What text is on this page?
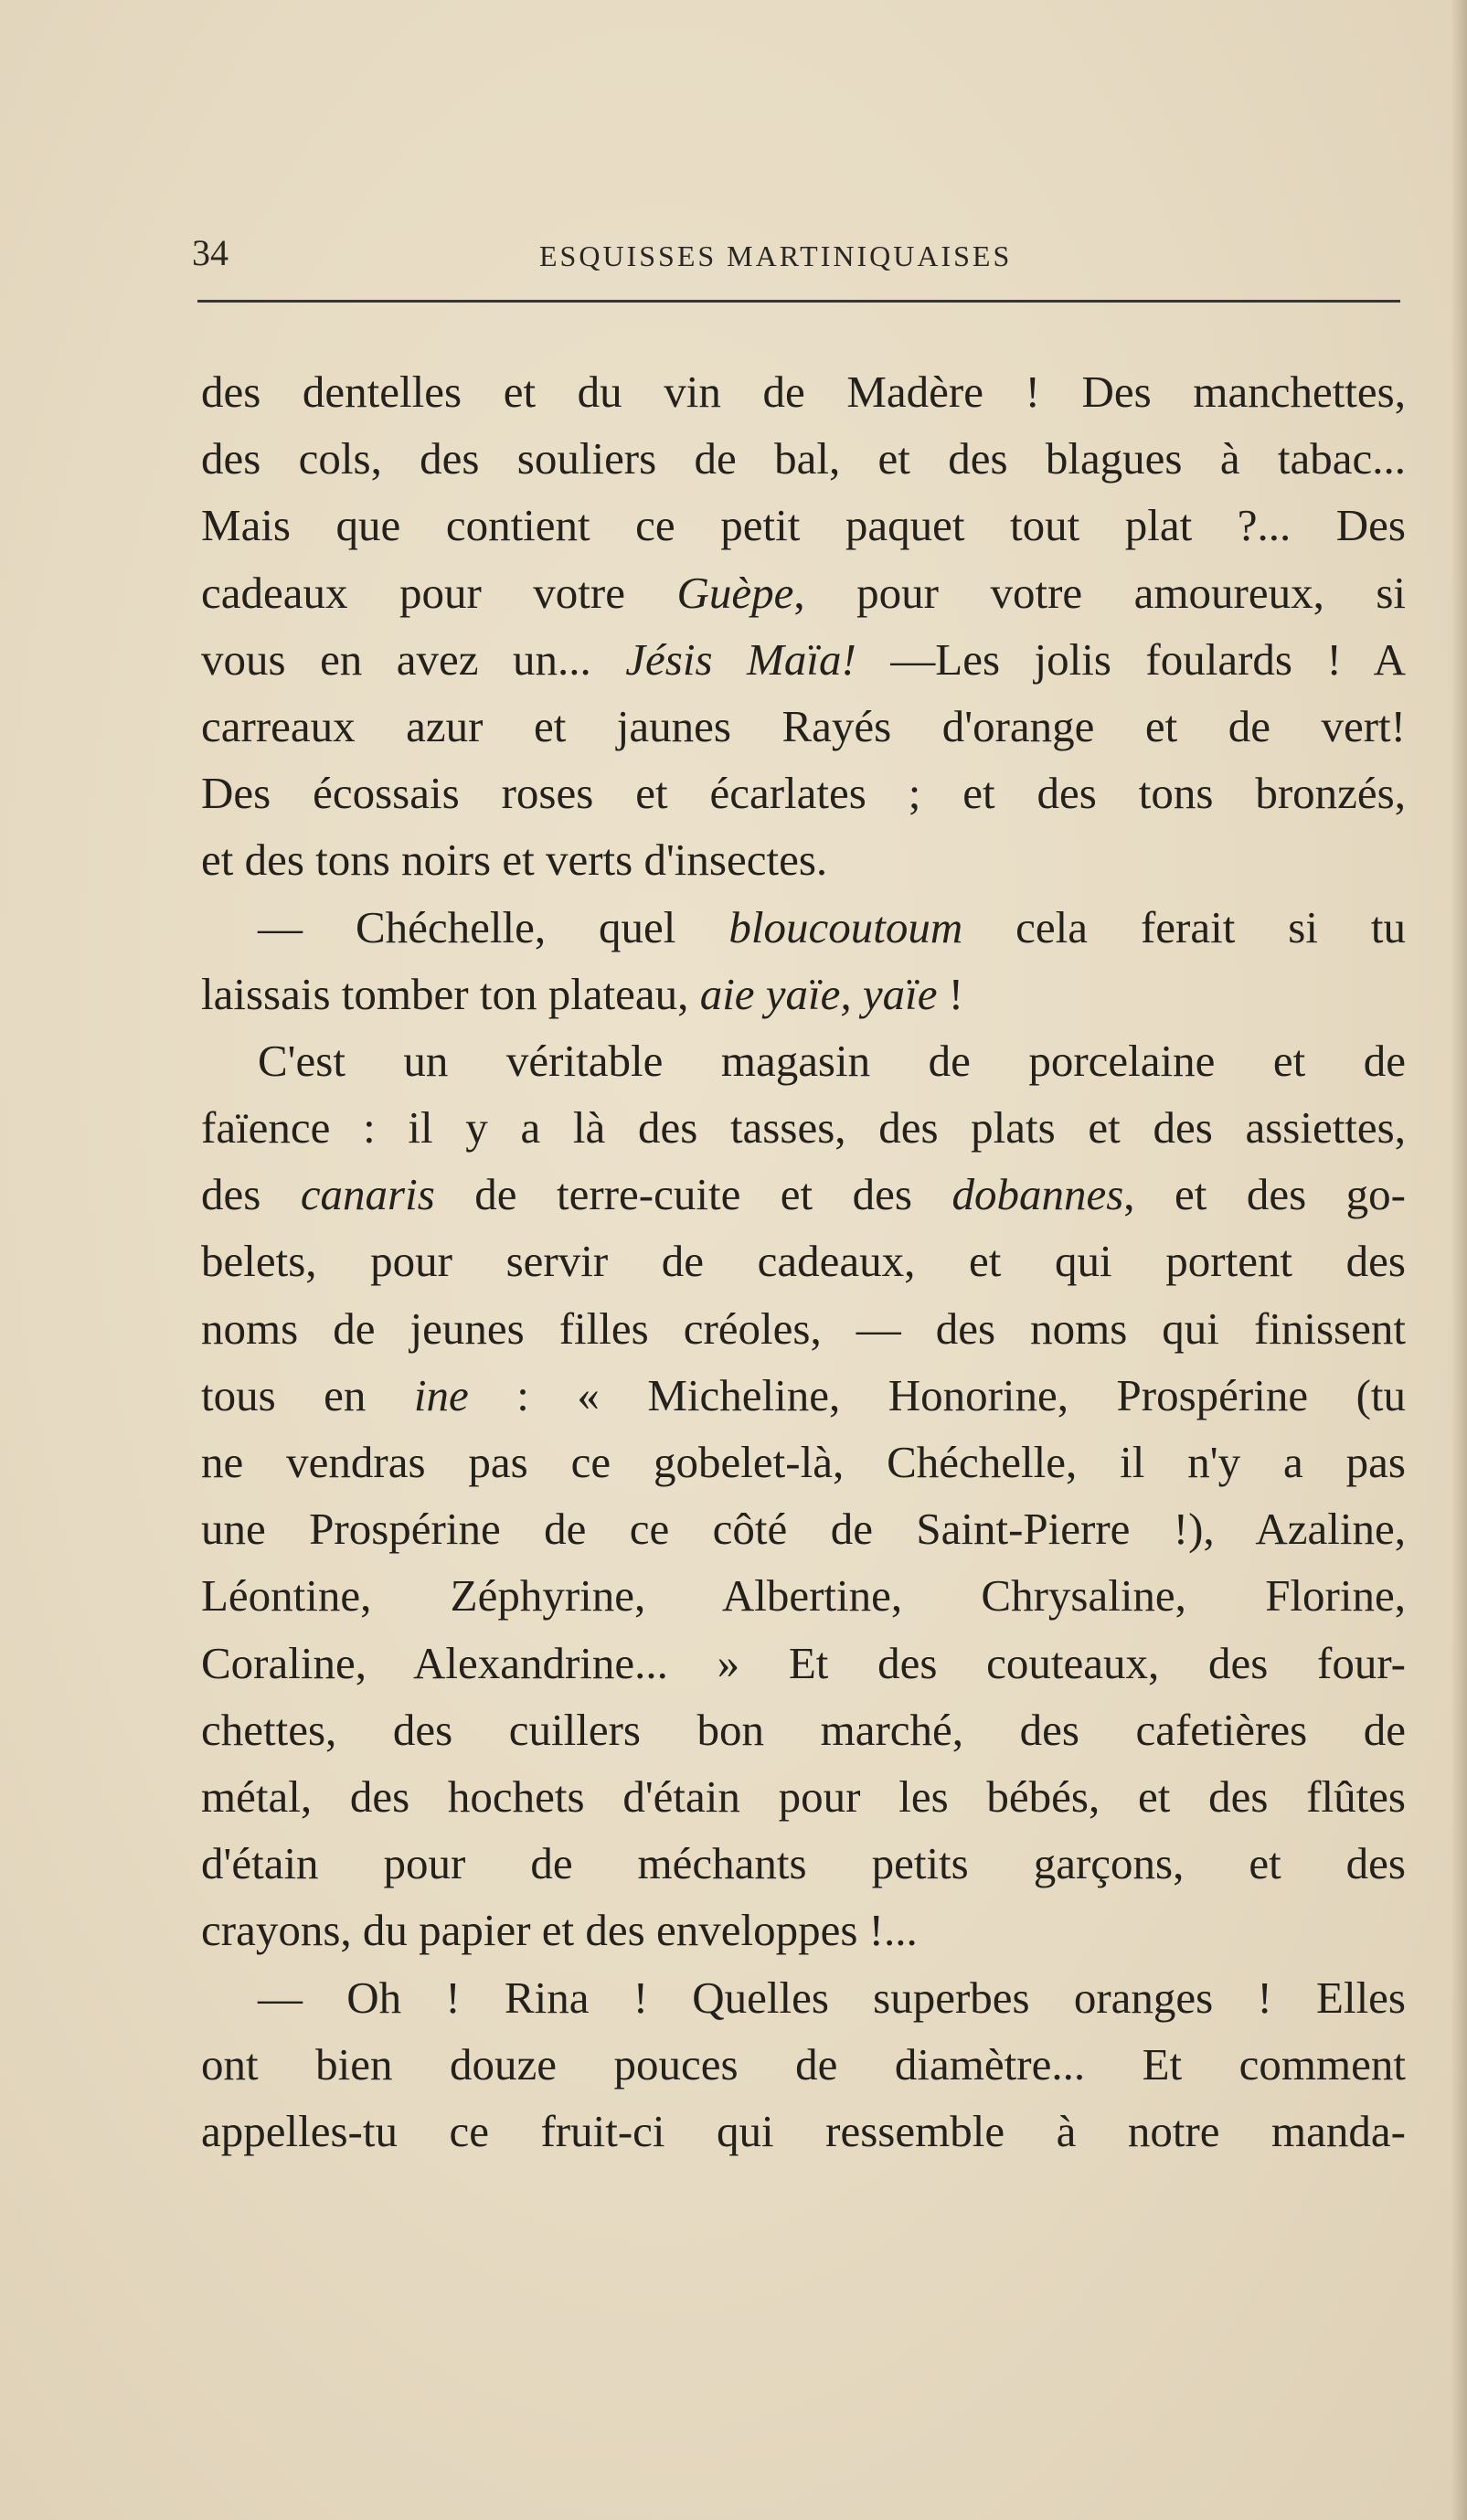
34	ESQUISSES MARTINIQUAISES
des dentelles et du vin de Madère ! Des manchettes,
des cols, des souliers de bal, et des blagues à tabac...
Mais que contient ce petit paquet tout plat ?... Des
cadeaux pour votre Guèpe, pour votre amoureux, si
vous en avez un... Jésis Maïa! —Les jolis foulards ! A
carreaux azur et jaunes Rayés d'orange et de vert!
Des écossais roses et écarlates ; et des tons bronzés,
et des tons noirs et verts d'insectes.
— Chéchelle, quel bloucoutoum cela ferait si tu
laissais tomber ton plateau, aie yaïe, yaïe !
C'est un véritable magasin de porcelaine et de
faïence : il y a là des tasses, des plats et des assiettes,
des canaris de terre-cuite et des dobannes, et des go-
belets, pour servir de cadeaux, et qui portent des
noms de jeunes filles créoles, — des noms qui finissent
tous en ine : « Micheline, Honorine, Prospérine (tu
ne vendras pas ce gobelet-là, Chéchelle, il n'y a pas
une Prospérine de ce côté de Saint-Pierre !), Azaline,
Léontine, Zéphyrine, Albertine, Chrysaline, Florine,
Coraline, Alexandrine... » Et des couteaux, des four-
chettes, des cuillers bon marché, des cafetières de
métal, des hochets d'étain pour les bébés, et des flûtes
d'étain pour de méchants petits garçons, et des
crayons, du papier et des enveloppes !...
— Oh ! Rina ! Quelles superbes oranges ! Elles
ont bien douze pouces de diamètre... Et comment
appelles-tu ce fruit-ci qui ressemble à notre manda-
